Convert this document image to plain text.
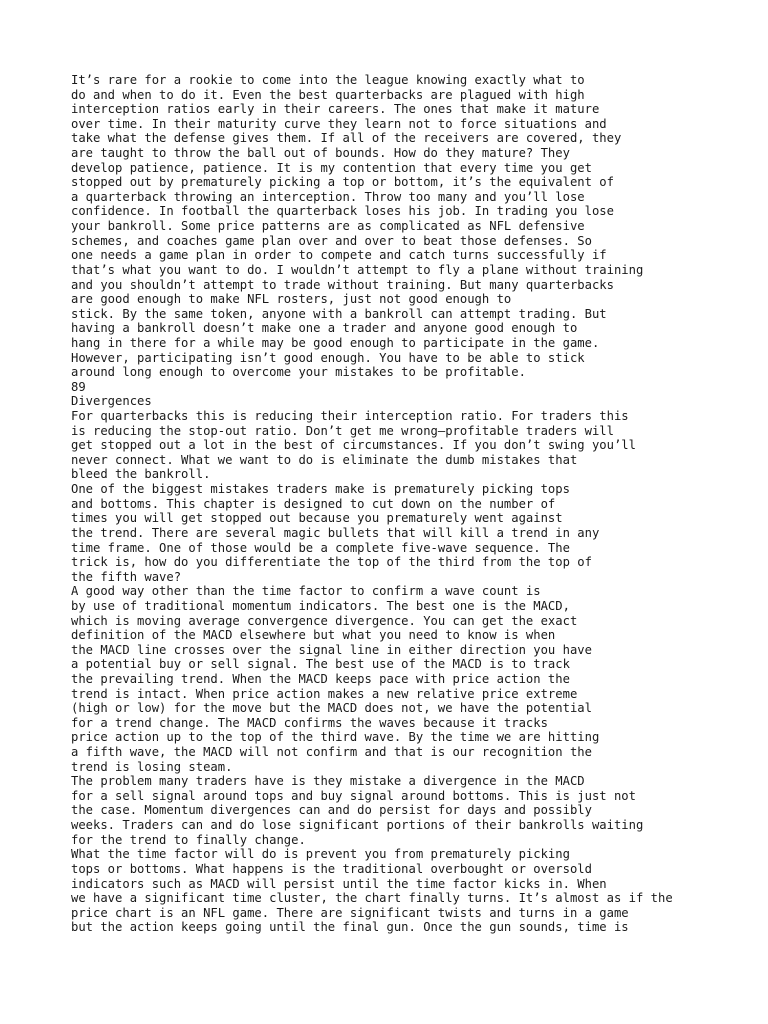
It’s rare for a rookie to come into the league knowing exactly what to
do and when to do it. Even the best quarterbacks are plagued with high
interception ratios early in their careers. The ones that make it mature
over time. In their maturity curve they learn not to force situations and
take what the defense gives them. If all of the receivers are covered, they
are taught to throw the ball out of bounds. How do they mature? They
develop patience, patience. It is my contention that every time you get
stopped out by prematurely picking a top or bottom, it’s the equivalent of
a quarterback throwing an interception. Throw too many and you’ll lose
confidence. In football the quarterback loses his job. In trading you lose
your bankroll. Some price patterns are as complicated as NFL defensive
schemes, and coaches game plan over and over to beat those defenses. So
one needs a game plan in order to compete and catch turns successfully if
that’s what you want to do. I wouldn’t attempt to fly a plane without training
and you shouldn’t attempt to trade without training. But many quarterbacks
are good enough to make NFL rosters, just not good enough to
stick. By the same token, anyone with a bankroll can attempt trading. But
having a bankroll doesn’t make one a trader and anyone good enough to
hang in there for a while may be good enough to participate in the game.
However, participating isn’t good enough. You have to be able to stick
around long enough to overcome your mistakes to be profitable.
89
Divergences
For quarterbacks this is reducing their interception ratio. For traders this
is reducing the stop-out ratio. Don’t get me wrong—profitable traders will
get stopped out a lot in the best of circumstances. If you don’t swing you’ll
never connect. What we want to do is eliminate the dumb mistakes that
bleed the bankroll.
One of the biggest mistakes traders make is prematurely picking tops
and bottoms. This chapter is designed to cut down on the number of
times you will get stopped out because you prematurely went against
the trend. There are several magic bullets that will kill a trend in any
time frame. One of those would be a complete five-wave sequence. The
trick is, how do you differentiate the top of the third from the top of
the fifth wave?
A good way other than the time factor to confirm a wave count is
by use of traditional momentum indicators. The best one is the MACD,
which is moving average convergence divergence. You can get the exact
definition of the MACD elsewhere but what you need to know is when
the MACD line crosses over the signal line in either direction you have
a potential buy or sell signal. The best use of the MACD is to track
the prevailing trend. When the MACD keeps pace with price action the
trend is intact. When price action makes a new relative price extreme
(high or low) for the move but the MACD does not, we have the potential
for a trend change. The MACD confirms the waves because it tracks
price action up to the top of the third wave. By the time we are hitting
a fifth wave, the MACD will not confirm and that is our recognition the
trend is losing steam.
The problem many traders have is they mistake a divergence in the MACD
for a sell signal around tops and buy signal around bottoms. This is just not
the case. Momentum divergences can and do persist for days and possibly
weeks. Traders can and do lose significant portions of their bankrolls waiting
for the trend to finally change.
What the time factor will do is prevent you from prematurely picking
tops or bottoms. What happens is the traditional overbought or oversold
indicators such as MACD will persist until the time factor kicks in. When
we have a significant time cluster, the chart finally turns. It’s almost as if the
price chart is an NFL game. There are significant twists and turns in a game
but the action keeps going until the final gun. Once the gun sounds, time is
